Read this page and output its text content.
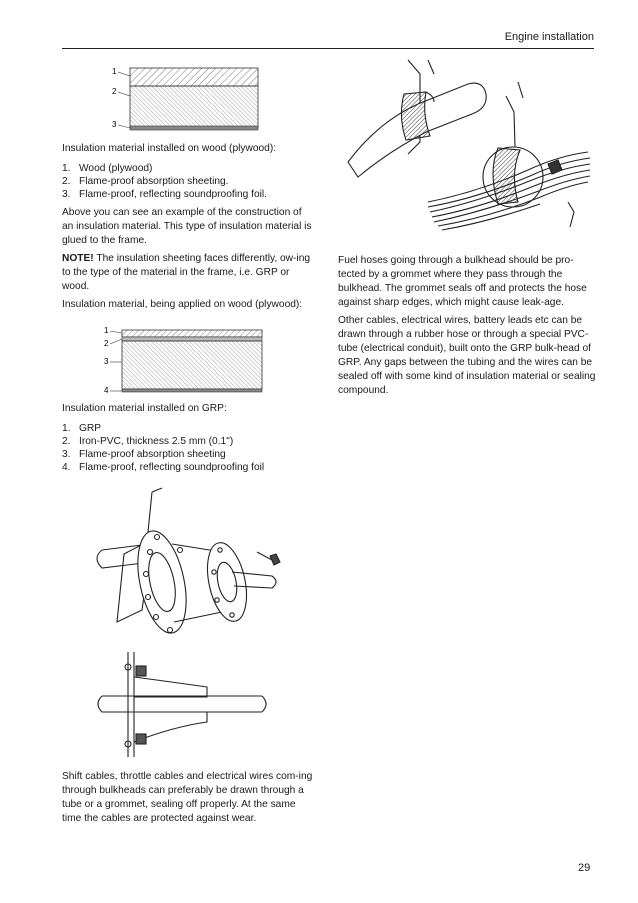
Engine installation
1
2
3

Insulation material installed on wood (plywood):

1. Wood (plywood)
2. Flame-proof absorption sheeting.
3. Flame-proof, reflecting soundproofing foil.

Above you can see an example of the construction of an insulation material. This type of insulation material is glued to the frame.

NOTE! The insulation sheeting faces differently, ow-ing to the type of the material in the frame, i.e. GRP or wood.

Insulation material, being applied on wood (plywood):

1
2
3
4

Insulation material installed on GRP:

1. GRP
2. Iron-PVC, thickness 2.5 mm (0.1")
3. Flame-proof absorption sheeting
4. Flame-proof, reflecting soundproofing foil

Shift cables, throttle cables and electrical wires com-ing through bulkheads can preferably be drawn through a tube or a grommet, sealing off properly. At the same time the cables are protected against wear.

Fuel hoses going through a bulkhead should be pro-tected by a grommet where they pass through the bulkhead. The grommet seals off and protects the hose against sharp edges, which might cause leak-age.

Other cables, electrical wires, battery leads etc can be drawn through a rubber hose or through a special PVC-tube (electrical conduit), built onto the GRP bulk-head of GRP. Any gaps between the tubing and the wires can be sealed off with some kind of insulation material or sealing compound.

29
